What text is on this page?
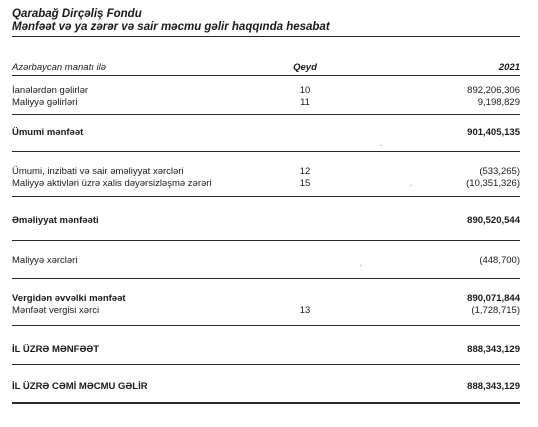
Qarabağ Dirçəliş Fondu
Mənfəət və ya zərər və sair məcmu gəlir haqqında hesabat
Azərbaycan manatı ilə	Qeyd	2021
İanələrdən gəlirlər	10	892,206,306
Maliyyə gəlirləri	11	9,198,829
Ümumi mənfəət	901,405,135
Ümumi, inzibati və sair əməliyyat xərcləri	12	(533,265)
Maliyyə aktivləri üzrə xalis dəyərsizləşmə zərəri	15	(10,351,326)
Əməliyyat mənfəəti	890,520,544
Maliyyə xərcləri	(448,700)
Vergidən əvvəlki mənfəət	890,071,844
Mənfəət vergisi xərci	13	(1,728,715)
İL ÜZRƏ MƏNFƏƏT	888,343,129
İL ÜZRƏ CƏMİ MƏCMU GƏLİR	888,343,129
